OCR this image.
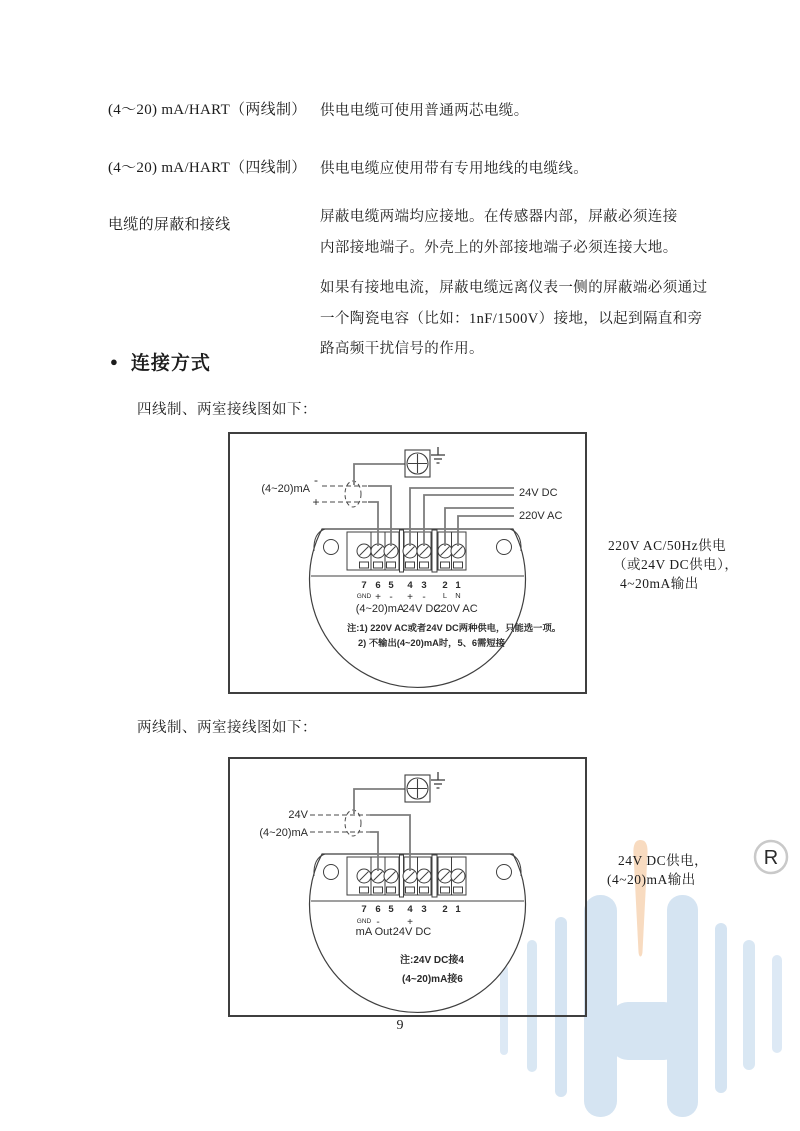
R
(4～20) mA/HART（两线制） 供电电缆可使用普通两芯电缆。
(4～20) mA/HART（四线制） 供电电缆应使用带有专用地线的电缆线。
电缆的屏蔽和接线	屏蔽电缆两端均应接地。在传感器内部，屏蔽必须连接
内部接地端子。外壳上的外部接地端子必须连接大地。
如果有接地电流，屏蔽电缆远离仪表一侧的屏蔽端必须通过
一个陶瓷电容（比如：1nF/1500V）接地，以起到隔直和旁
路高频干扰信号的作用。
● 连接方式
四线制、两室接线图如下：
-
+
(4~20)mA	24V DC
220V AC
7 6 5 4 3 2 1
GND + - + - L N
(4~20)mA
24V DC
220V AC
注:1) 220V AC或者24V DC两种供电，只能选一项。
2) 不输出(4~20)mA时，5、6需短接
220V AC/50Hz供电
（或24V DC供电），
4~20mA输出
两线制、两室接线图如下：
24V
(4~20)mA
7 6 5 4 3 2 1
GND -	+
mA Out 24V DC
注:24V DC接4
(4~20)mA接6
24V DC供电，
(4~20)mA输出
9
